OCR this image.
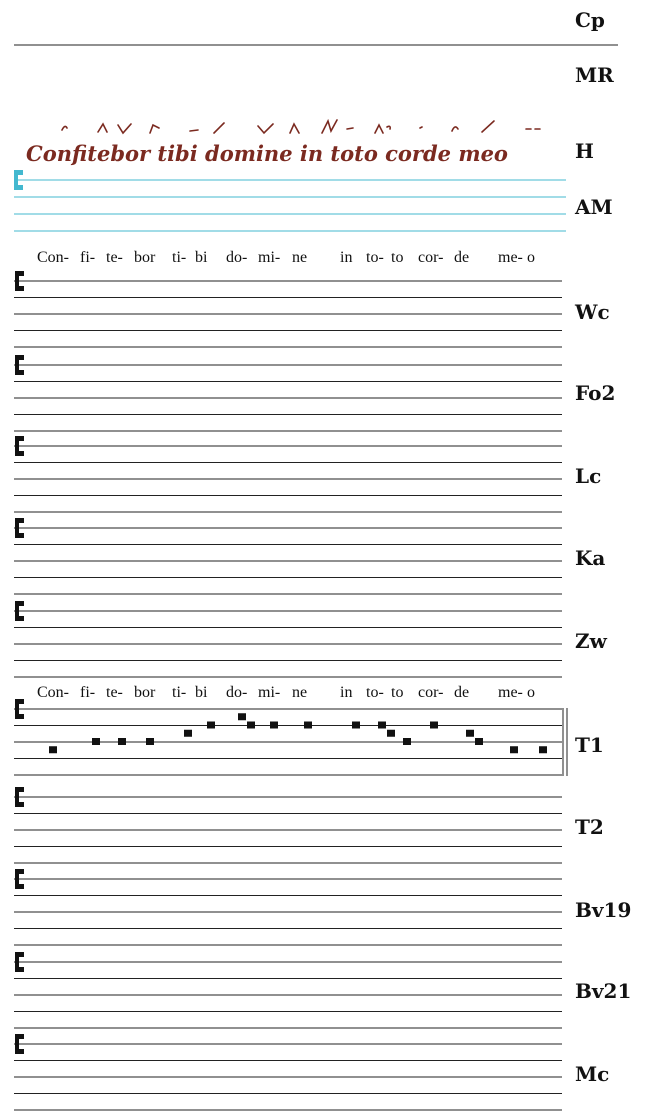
Confitebor tibi domine in toto corde meo
Con- fi- te- bor ti- bi do- mi- ne in to- to cor- de me- o
Con- fi- te- bor ti- bi do- mi- ne in to- to cor- de me- o
Cp
MR
H
AM
Wc
Fo2
Lc
Ka
Zw
T1
T2
Bv19
Bv21
Mc
